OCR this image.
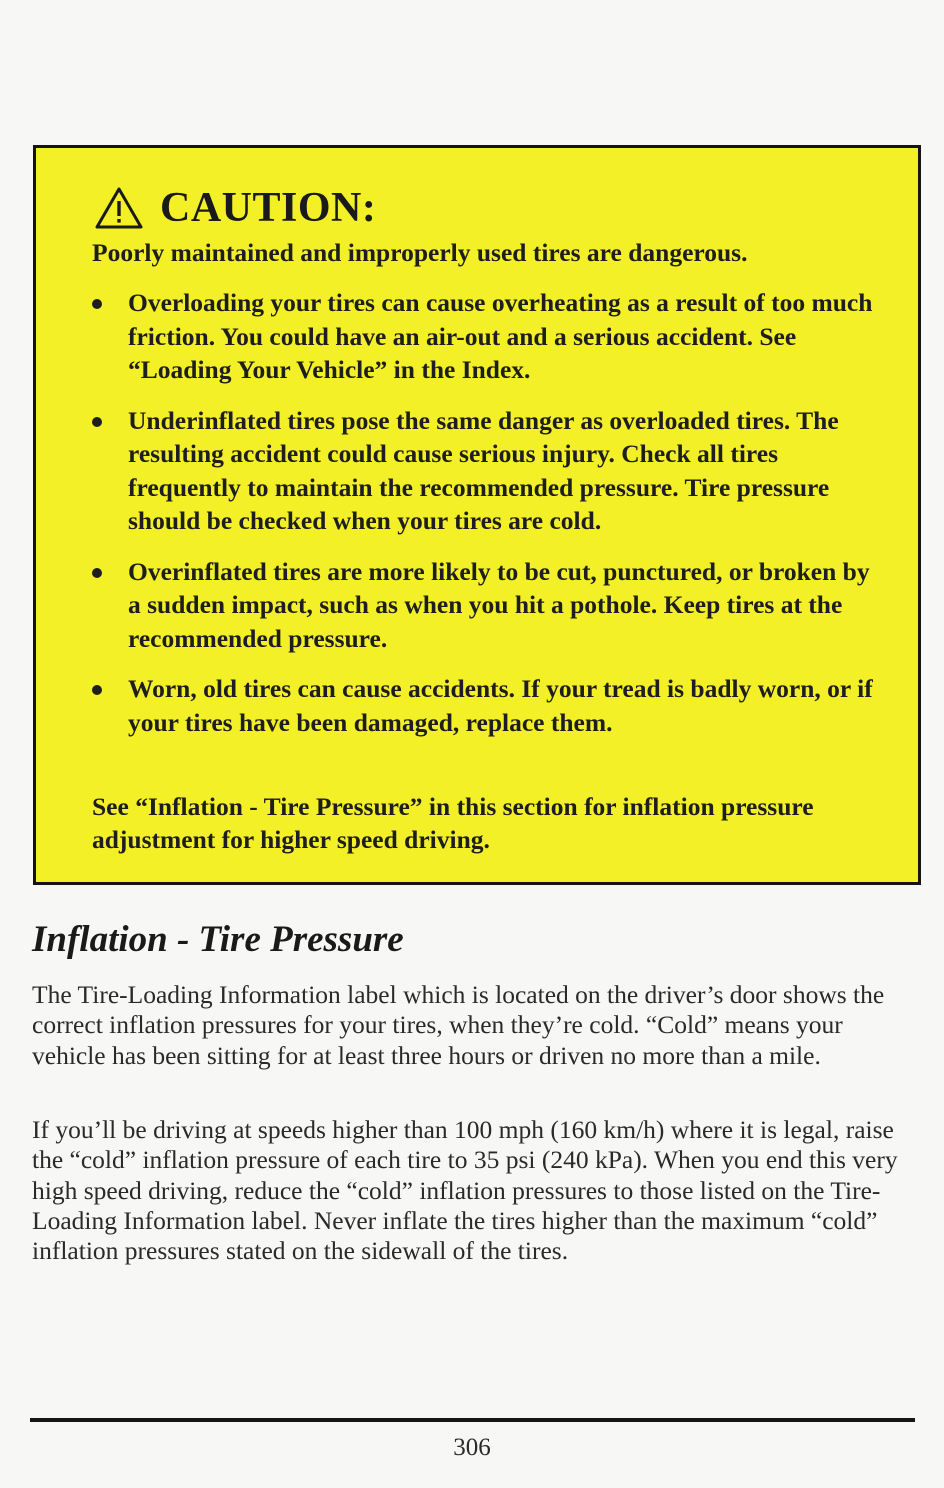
CAUTION:
Poorly maintained and improperly used tires are dangerous.
Overloading your tires can cause overheating as a result of too much friction. You could have an air-out and a serious accident. See “Loading Your Vehicle” in the Index.
Underinflated tires pose the same danger as overloaded tires. The resulting accident could cause serious injury. Check all tires frequently to maintain the recommended pressure. Tire pressure should be checked when your tires are cold.
Overinflated tires are more likely to be cut, punctured, or broken by a sudden impact, such as when you hit a pothole. Keep tires at the recommended pressure.
Worn, old tires can cause accidents. If your tread is badly worn, or if your tires have been damaged, replace them.
See “Inflation - Tire Pressure” in this section for inflation pressure adjustment for higher speed driving.
Inflation - Tire Pressure

The Tire-Loading Information label which is located on the driver’s door shows the correct inflation pressures for your tires, when they’re cold. “Cold” means your vehicle has been sitting for at least three hours or driven no more than a mile.

If you’ll be driving at speeds higher than 100 mph (160 km/h) where it is legal, raise the “cold” inflation pressure of each tire to 35 psi (240 kPa). When you end this very high speed driving, reduce the “cold” inflation pressures to those listed on the Tire-Loading Information label. Never inflate the tires higher than the maximum “cold” inflation pressures stated on the sidewall of the tires.

306
